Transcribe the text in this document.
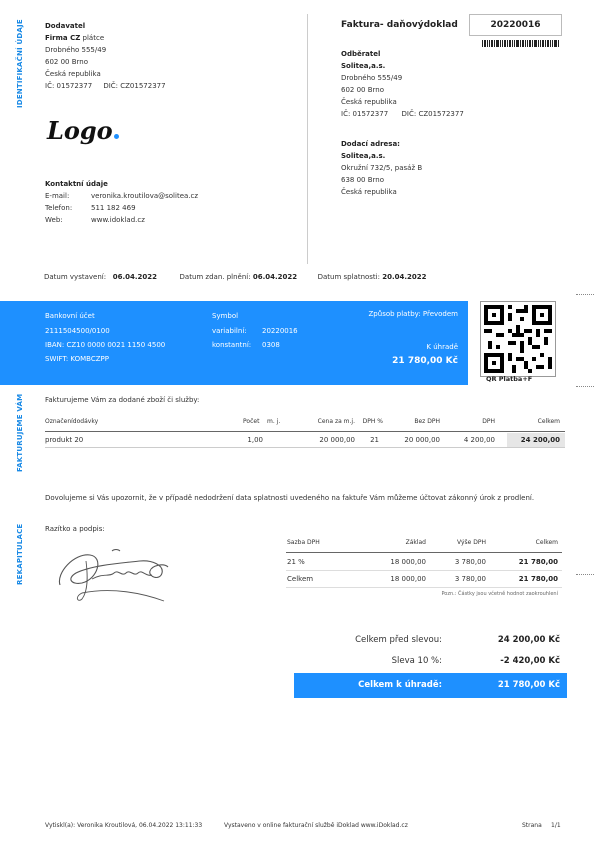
IDENTIFIKAČNÍ ÚDAJE
FAKTURUJEME VÁM
REKAPITULACE
Dodavatel
Firma CZ plátce
Drobného 555/49
602 00 Brno
Česká republika
IČ: 01572377 DIČ: CZ01572377
Logo
Kontaktní údaje
E-mail:	veronika.kroutilova@solitea.cz
Telefon:	511 182 469
Web:	www.idoklad.cz
Faktura- daňovýdoklad	20220016
Odběratel
Solitea,a.s.
Drobného 555/49
602 00 Brno
Česká republika
IČ: 01572377 DIČ: CZ01572377
Dodací adresa:
Solitea,a.s.
Okružní 732/5, pasáž B
638 00 Brno
Česká republika
Datum vystavení: 06.04.2022	Datum zdan. plnění: 06.04.2022	Datum splatnosti: 20.04.2022
Bankovní účet
2111504500/0100
IBAN: CZ10 0000 0021 1150 4500
SWIFT: KOMBCZPP
Symbol
variabilní: 20220016
konstantní: 0308
Způsob platby: Převodem
K úhradě
21 780,00 Kč
QR Platba+F
Fakturujeme Vám za dodané zboží či služby:
Označenídodávky	Počet m. j.	Cena za m.j.	DPH %	Bez DPH	DPH	Celkem
produkt 20	1,00	20 000,00	21	20 000,00	4 200,00	24 200,00
Dovolujeme si Vás upozornit, že v případě nedodržení data splatnosti uvedeného na faktuře Vám můžeme účtovat zákonný úrok z prodlení.
Razítko a podpis:
Sazba DPH	Základ	Výše DPH	Celkem
21 %	18 000,00	3 780,00	21 780,00
Celkem	18 000,00	3 780,00	21 780,00
Pozn.: Částky jsou včetně hodnot zaokrouhlení
Celkem před slevou:	24 200,00 Kč
Sleva 10 %:	-2 420,00 Kč
Celkem k úhradě:	21 780,00 Kč
Vytiskl(a): Veronika Kroutilová, 06.04.2022 13:11:33	Vystaveno v online fakturační službě iDoklad www.iDoklad.cz	Strana 1/1
